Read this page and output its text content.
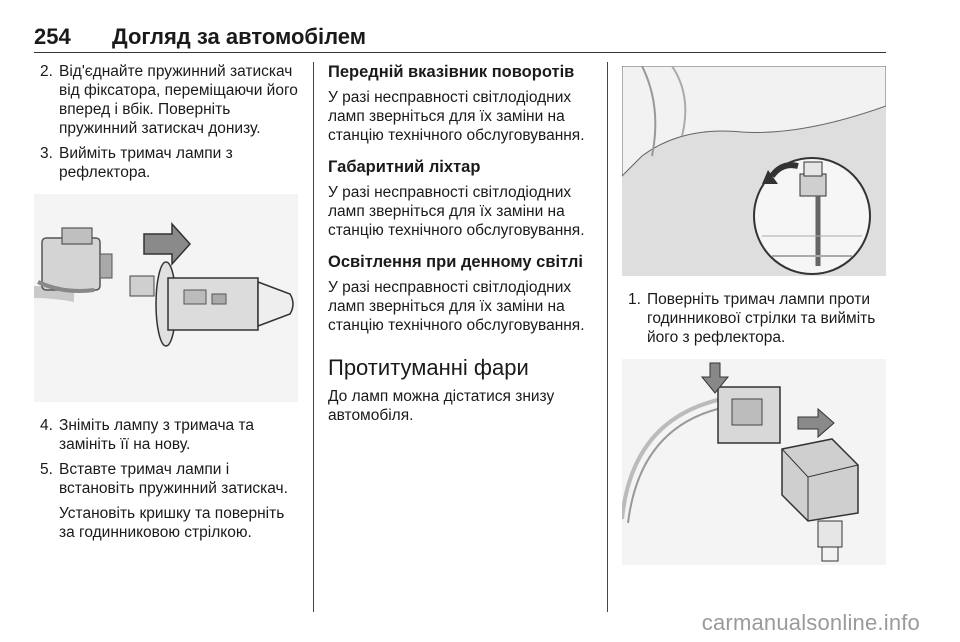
254 Догляд за автомобілем
2. Від'єднайте пружинний затискач від фіксатора, переміщаючи його вперед і вбік. Поверніть пружинний затискач донизу.
3. Вийміть тримач лампи з рефлектора.
4. Зніміть лампу з тримача та замініть її на нову.
5. Вставте тримач лампи і встановіть пружинний затискач.
Установіть кришку та поверніть за годинниковою стрілкою.
Передній вказівник поворотів

У разі несправності світлодіодних ламп зверніться для їх заміни на станцію технічного обслуговування.

Габаритний ліхтар

У разі несправності світлодіодних ламп зверніться для їх заміни на станцію технічного обслуговування.

Освітлення при денному світлі

У разі несправності світлодіодних ламп зверніться для їх заміни на станцію технічного обслуговування.

Протитуманні фари

До ламп можна дістатися знизу автомобіля.

1. Поверніть тримач лампи проти годинникової стрілки та вийміть його з рефлектора.
carmanualsonline.info
